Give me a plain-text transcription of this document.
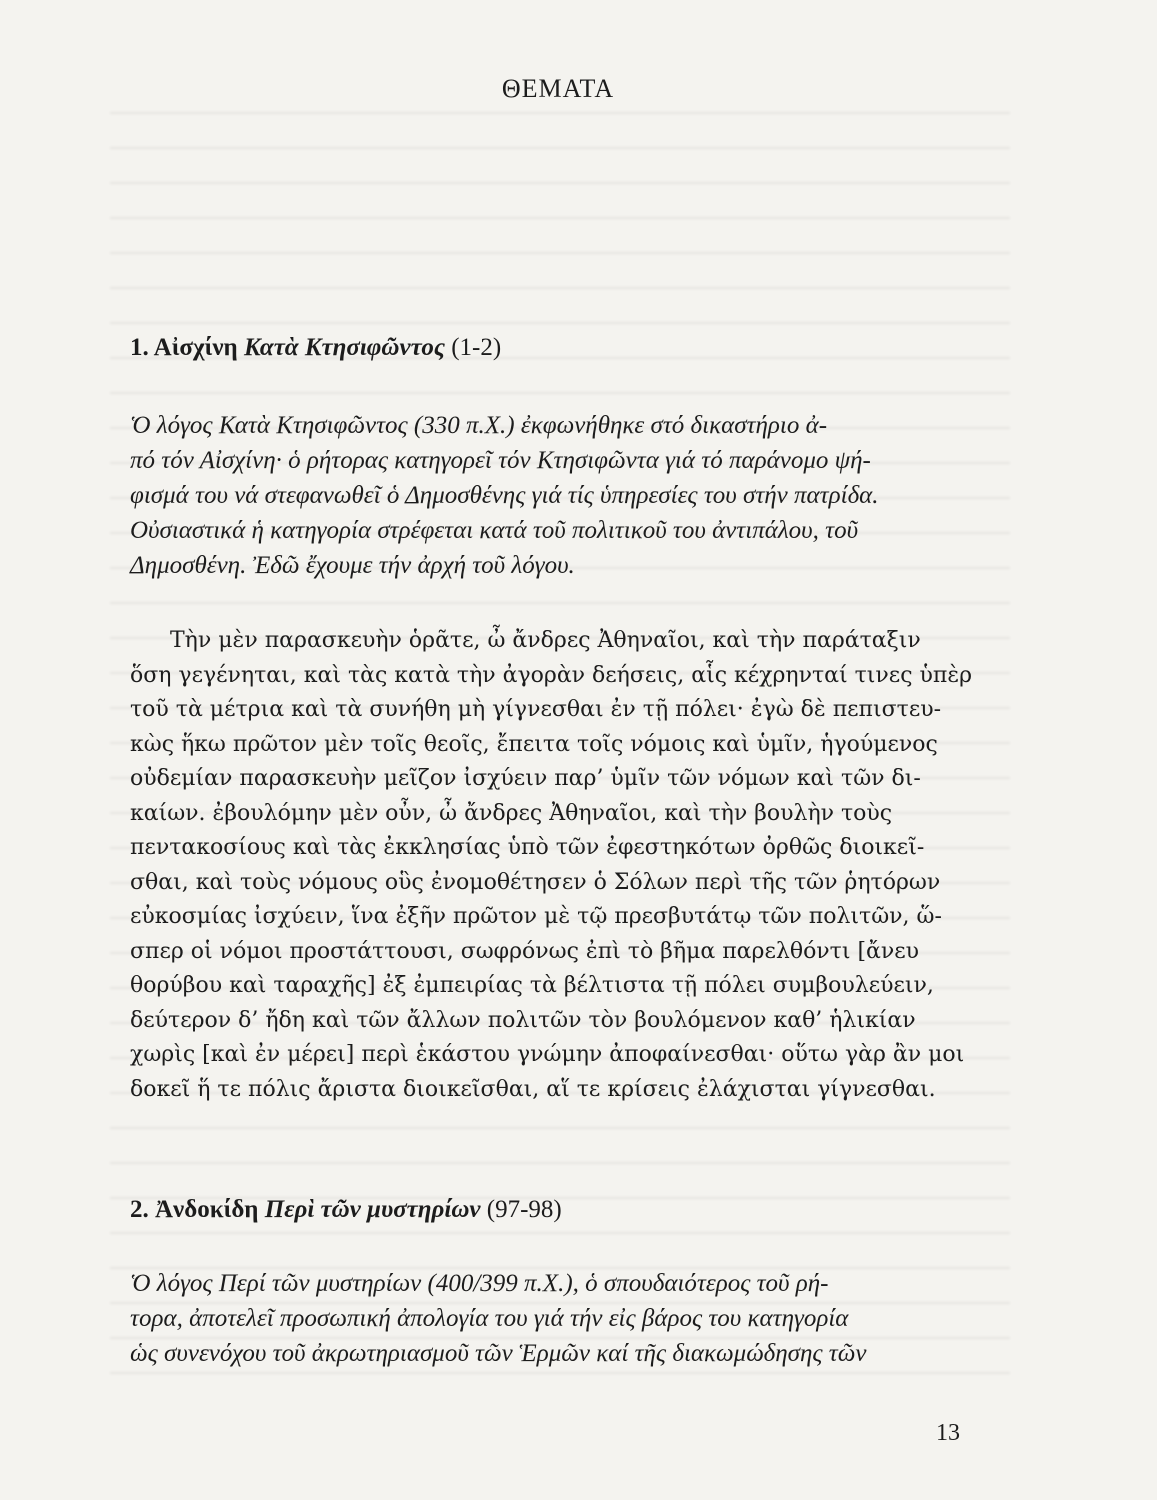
ΘΕΜΑΤΑ
1. Αἰσχίνη Κατὰ Κτησιφῶντος (1-2)
Ὁ λόγος Κατὰ Κτησιφῶντος (330 π.Χ.) ἐκφωνήθηκε στό δικαστήριο ἀ-
πό τόν Αἰσχίνη· ὁ ρήτορας κατηγορεῖ τόν Κτησιφῶντα γιά τό παράνομο ψή-
φισμά του νά στεφανωθεῖ ὁ Δημοσθένης γιά τίς ὑπηρεσίες του στήν πατρίδα.
Οὐσιαστικά ἡ κατηγορία στρέφεται κατά τοῦ πολιτικοῦ του ἀντιπάλου, τοῦ
Δημοσθένη. Ἐδῶ ἔχουμε τήν ἀρχή τοῦ λόγου.
Τὴν μὲν παρασκευὴν ὁρᾶτε, ὦ ἄνδρες Ἀθηναῖοι, καὶ τὴν παράταξιν
ὅση γεγένηται, καὶ τὰς κατὰ τὴν ἀγορὰν δεήσεις, αἷς κέχρηνταί τινες ὑπὲρ
τοῦ τὰ μέτρια καὶ τὰ συνήθη μὴ γίγνεσθαι ἐν τῇ πόλει· ἐγὼ δὲ πεπιστευ-
κὼς ἥκω πρῶτον μὲν τοῖς θεοῖς, ἔπειτα τοῖς νόμοις καὶ ὑμῖν, ἡγούμενος
οὐδεμίαν παρασκευὴν μεῖζον ἰσχύειν παρ’ ὑμῖν τῶν νόμων καὶ τῶν δι-
καίων. ἐβουλόμην μὲν οὖν, ὦ ἄνδρες Ἀθηναῖοι, καὶ τὴν βουλὴν τοὺς
πεντακοσίους καὶ τὰς ἐκκλησίας ὑπὸ τῶν ἐφεστηκότων ὀρθῶς διοικεῖ-
σθαι, καὶ τοὺς νόμους οὓς ἐνομοθέτησεν ὁ Σόλων περὶ τῆς τῶν ῥητόρων
εὐκοσμίας ἰσχύειν, ἵνα ἐξῆν πρῶτον μὲ τῷ πρεσβυτάτῳ τῶν πολιτῶν, ὥ-
σπερ οἱ νόμοι προστάττουσι, σωφρόνως ἐπὶ τὸ βῆμα παρελθόντι [ἄνευ
θορύβου καὶ ταραχῆς] ἐξ ἐμπειρίας τὰ βέλτιστα τῇ πόλει συμβουλεύειν,
δεύτερον δ’ ἤδη καὶ τῶν ἄλλων πολιτῶν τὸν βουλόμενον καθ’ ἡλικίαν
χωρὶς [καὶ ἐν μέρει] περὶ ἑκάστου γνώμην ἀποφαίνεσθαι· οὕτω γὰρ ἂν μοι
δοκεῖ ἥ τε πόλις ἄριστα διοικεῖσθαι, αἵ τε κρίσεις ἐλάχισται γίγνεσθαι.
2. Ἀνδοκίδη Περὶ τῶν μυστηρίων (97-98)
Ὁ λόγος Περί τῶν μυστηρίων (400/399 π.Χ.), ὁ σπουδαιότερος τοῦ ρή-
τορα, ἀποτελεῖ προσωπική ἀπολογία του γιά τήν εἰς βάρος του κατηγορία
ὡς συνενόχου τοῦ ἀκρωτηριασμοῦ τῶν Ἑρμῶν καί τῆς διακωμώδησης τῶν
13
